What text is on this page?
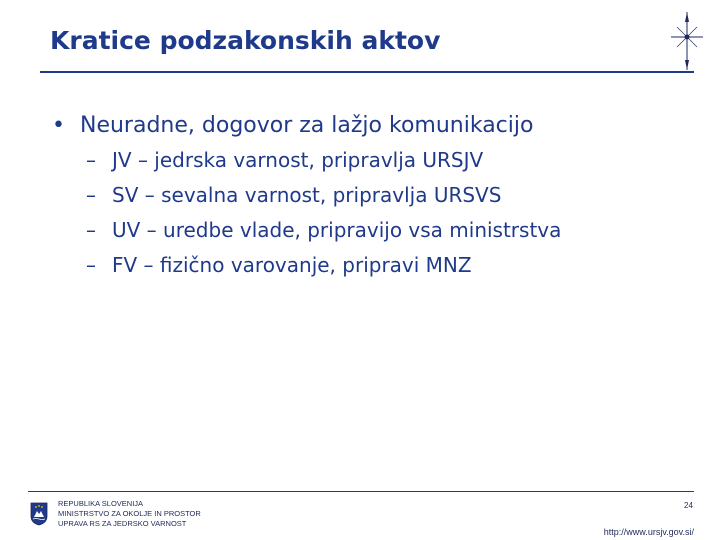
Kratice podzakonskih aktov
• Neuradne, dogovor za lažjo komunikacijo
– JV – jedrska varnost, pripravlja URSJV
– SV – sevalna varnost, pripravlja URSVS
– UV – uredbe vlade, pripravijo vsa ministrstva
– FV – fizično varovanje, pripravi MNZ
REPUBLIKA SLOVENIJA
MINISTRSTVO ZA OKOLJE IN PROSTOR
UPRAVA RS ZA JEDRSKO VARNOST
24
http://www.ursjv.gov.si/
